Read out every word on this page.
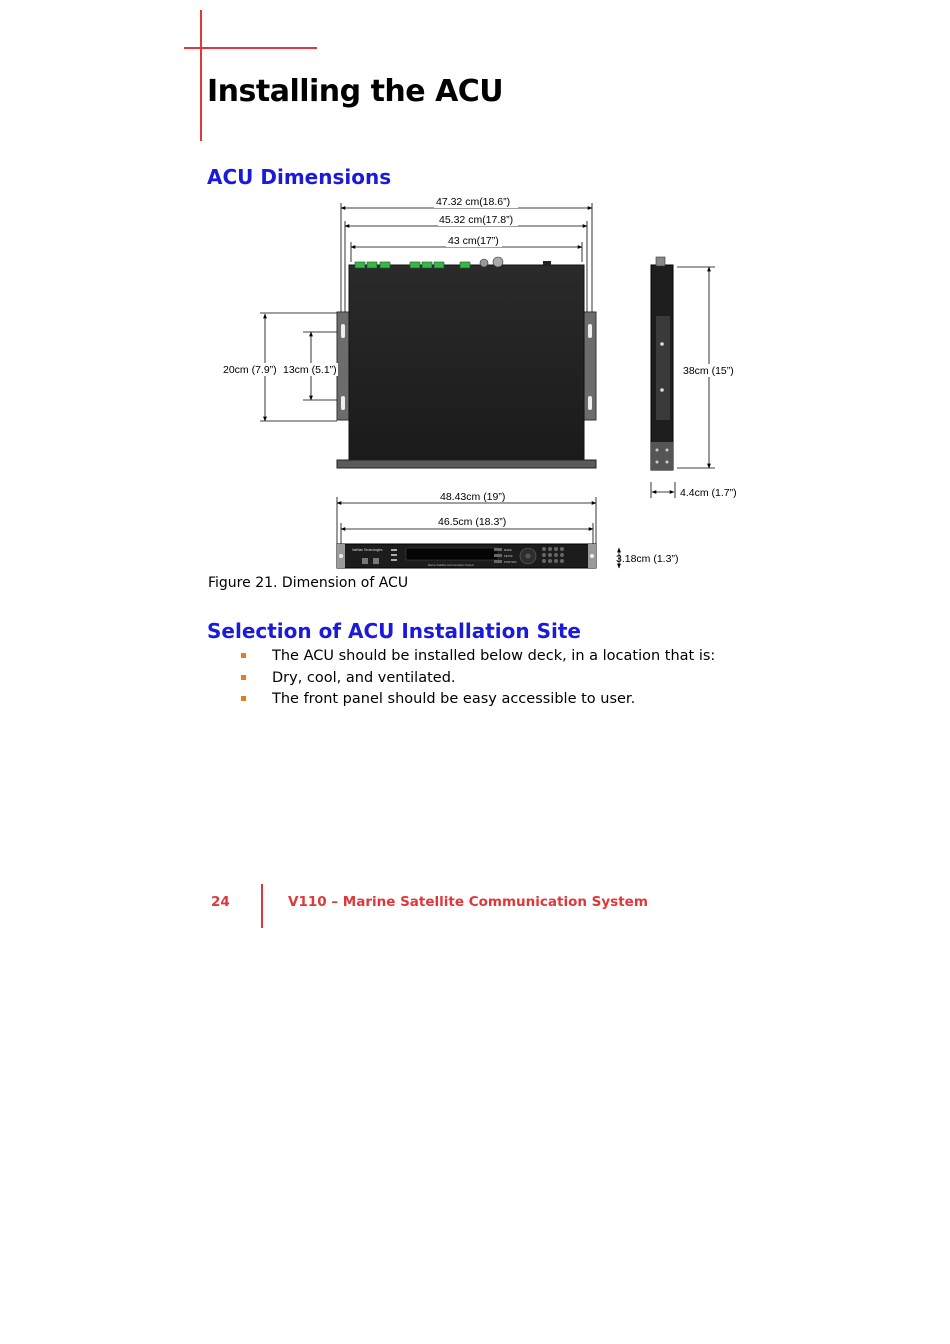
Installing the ACU
ACU Dimensions
47.32 cm(18.6”)
45.32 cm(17.8”)
43 cm(17”)
20cm (7.9”) 13cm (5.1”)	38cm (15”)
4.4cm (1.7”)
48.43cm (19”)
46.5cm (18.3”)
3.18cm (1.3”)
Intellian Technologies
Marine Satellite Communication System
MODE
SETUP
POSITION

Figure 21. Dimension of ACU

Selection of ACU Installation Site
The ACU should be installed below deck, in a location that is:
Dry, cool, and ventilated.
The front panel should be easy accessible to user.
24	V110 – Marine Satellite Communication System
